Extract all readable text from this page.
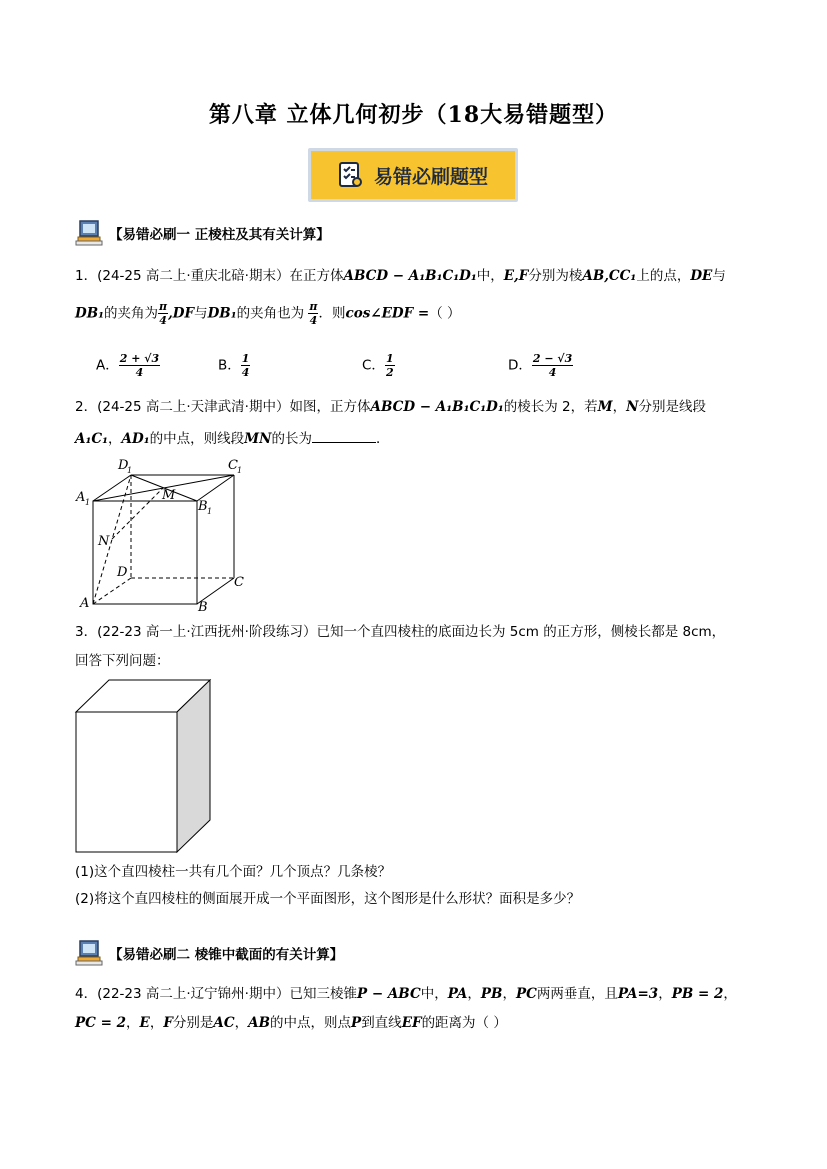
第八章 立体几何初步（18大易错题型）
易错必刷题型
【易错必刷一 正棱柱及其有关计算】
1．(24-25 高二上·重庆北碚·期末）在正方体ABCD − A₁B₁C₁D₁中，E,F分别为棱AB,CC₁上的点，DE与
DB₁的夹角为 $\frac{\pi}{4} ,DF$与DB₁的夹角也为 $\frac{\pi}{4}$ ．则cos∠EDF =（ ）
A． $\frac{2 + √3}{4}$	B． $\frac{1}{4}$	C． $\frac{1}{2}$	D． $\frac{2 - √3}{4}$
2．(24-25 高二上·天津武清·期中）如图，正方体ABCD − A₁B₁C₁D₁的棱长为 2，若M，N分别是线段
A₁C₁，AD₁的中点，则线段MN的长为	．
D
1	C 1
A 1	B 1
M
N
D
C
A	B
3．(22-23 高一上·江西抚州·阶段练习）已知一个直四棱柱的底面边长为 5cm 的正方形，侧棱长都是 8cm，
回答下列问题：
(1)这个直四棱柱一共有几个面？几个顶点？几条棱？
(2)将这个直四棱柱的侧面展开成一个平面图形，这个图形是什么形状？面积是多少？
【易错必刷二 棱锥中截面的有关计算】
4．(22-23 高二上·辽宁锦州·期中）已知三棱锥P − ABC中，PA，PB，PC两两垂直，且PA=3，PB = 2，
PC = 2，E，F分别是AC，AB的中点，则点P到直线EF的距离为（ ）
